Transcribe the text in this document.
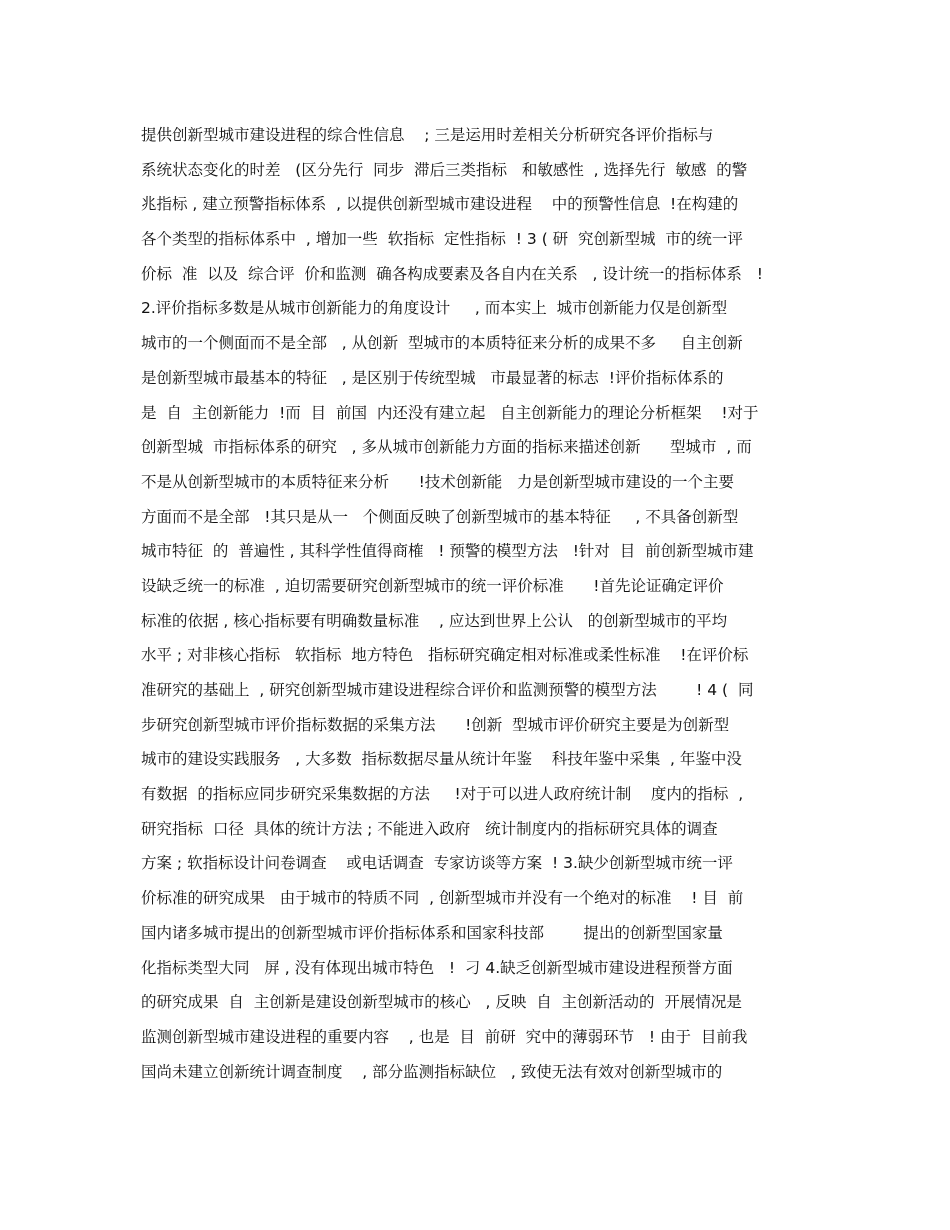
提供创新型城市建设进程的综合性信息    ; 三是运用时差相关分析研究各评价指标与
系统状态变化的时差   (区分先行  同步  滞后三类指标   和敏感性  , 选择先行  敏感  的警
兆指标 , 建立预警指标体系  , 以提供创新型城市建设进程    中的预警性信息  !在构建的
各个类型的指标体系中  , 增加一些  软指标  定性指标  ! 3 ( 研  究创新型城  市的统一评
价标  准  以及  综合评  价和监测  确各构成要素及各自内在关系   , 设计统一的指标体系   !
2.评价指标多数是从城市创新能力的角度设计     , 而本实上  城市创新能力仅是创新型
城市的一个侧面而不是全部   , 从创新  型城市的本质特征来分析的成果不多     自主创新
是创新型城市最基本的特征   , 是区别于传统型城   市最显著的标志  !评价指标体系的
是  自  主创新能力  !而  目  前国  内还没有建立起   自主创新能力的理论分析框架    !对于
创新型城  市指标体系的研究   , 多从城市创新能力方面的指标来描述创新      型城市  , 而
不是从创新型城市的本质特征来分析      !技术创新能   力是创新型城市建设的一个主要
方面而不是全部   !其只是从一   个侧面反映了创新型城市的基本特征     , 不具备创新型
城市特征  的  普遍性 , 其科学性值得商榷   ! 预警的模型方法   !针对  目  前创新型城市建
设缺乏统一的标准  , 迫切需要研究创新型城市的统一评价标准      !首先论证确定评价
标准的依据 , 核心指标要有明确数量标准    , 应达到世界上公认   的创新型城市的平均
水平 ; 对非核心指标   软指标  地方特色   指标研究确定相对标准或柔性标准    !在评价标
准研究的基础上  , 研究创新型城市建设进程综合评价和监测预警的模型方法        ! 4 (  同
步研究创新型城市评价指标数据的采集方法      !创新  型城市评价研究主要是为创新型
城市的建设实践服务   , 大多数  指标数据尽量从统计年鉴    科技年鉴中采集  , 年鉴中没
有数据  的指标应同步研究采集数据的方法     !对于可以进人政府统计制    度内的指标  ,
研究指标  口径  具体的统计方法 ; 不能进入政府   统计制度内的指标研究具体的调查
方案 ; 软指标设计问卷调查    或电话调查  专家访谈等方案  ! 3.缺少创新型城市统一评
价标准的研究成果   由于城市的特质不同  , 创新型城市并没有一个绝对的标准    ! 目  前
国内诸多城市提出的创新型城市评价指标体系和国家科技部        提出的创新型国家量
化指标类型大同   屏 , 没有体现出城市特色   !  刁 4.缺乏创新型城市建设进程预誉方面
的研究成果  自  主创新是建设创新型城市的核心   , 反映  自  主创新活动的  开展情况是
监测创新型城市建设进程的重要内容    , 也是  目  前研  究中的薄弱环节   ! 由于  目前我
国尚未建立创新统计调查制度    , 部分监测指标缺位   , 致使无法有效对创新型城市的
